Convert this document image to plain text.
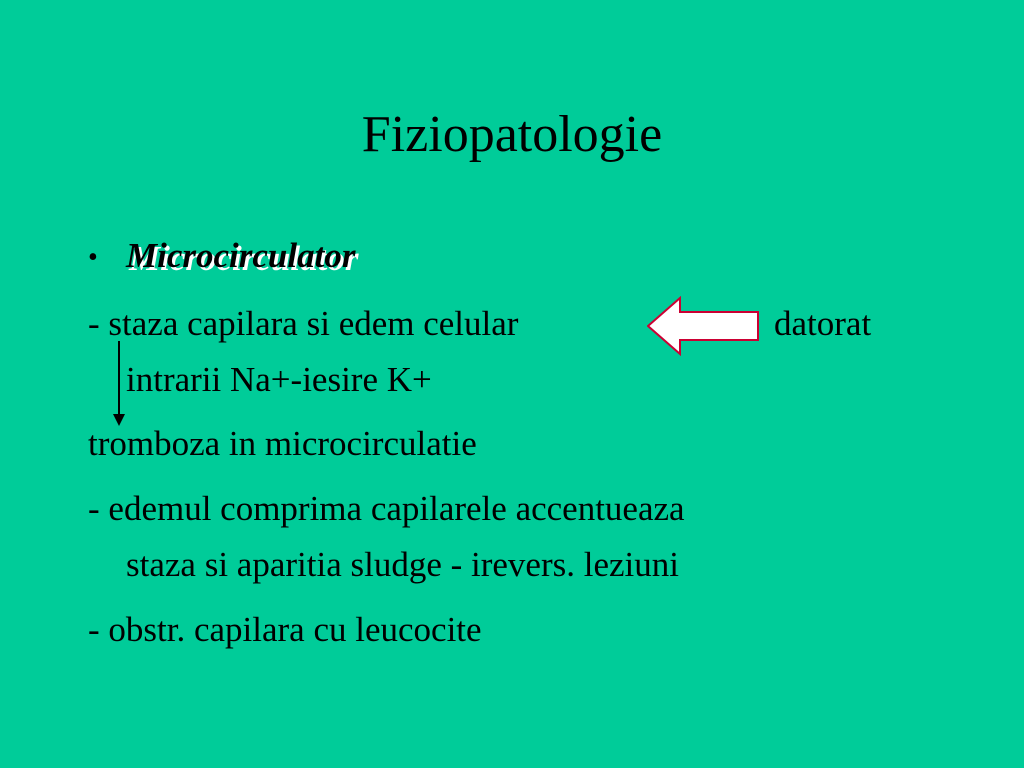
Fiziopatologie
• Microcirculator
- staza capilara si edem celular	datorat
intrarii Na+-iesire K+
tromboza in microcirculatie
- edemul comprima capilarele accentueaza
staza si aparitia sludge - irevers. leziuni
- obstr. capilara cu leucocite
